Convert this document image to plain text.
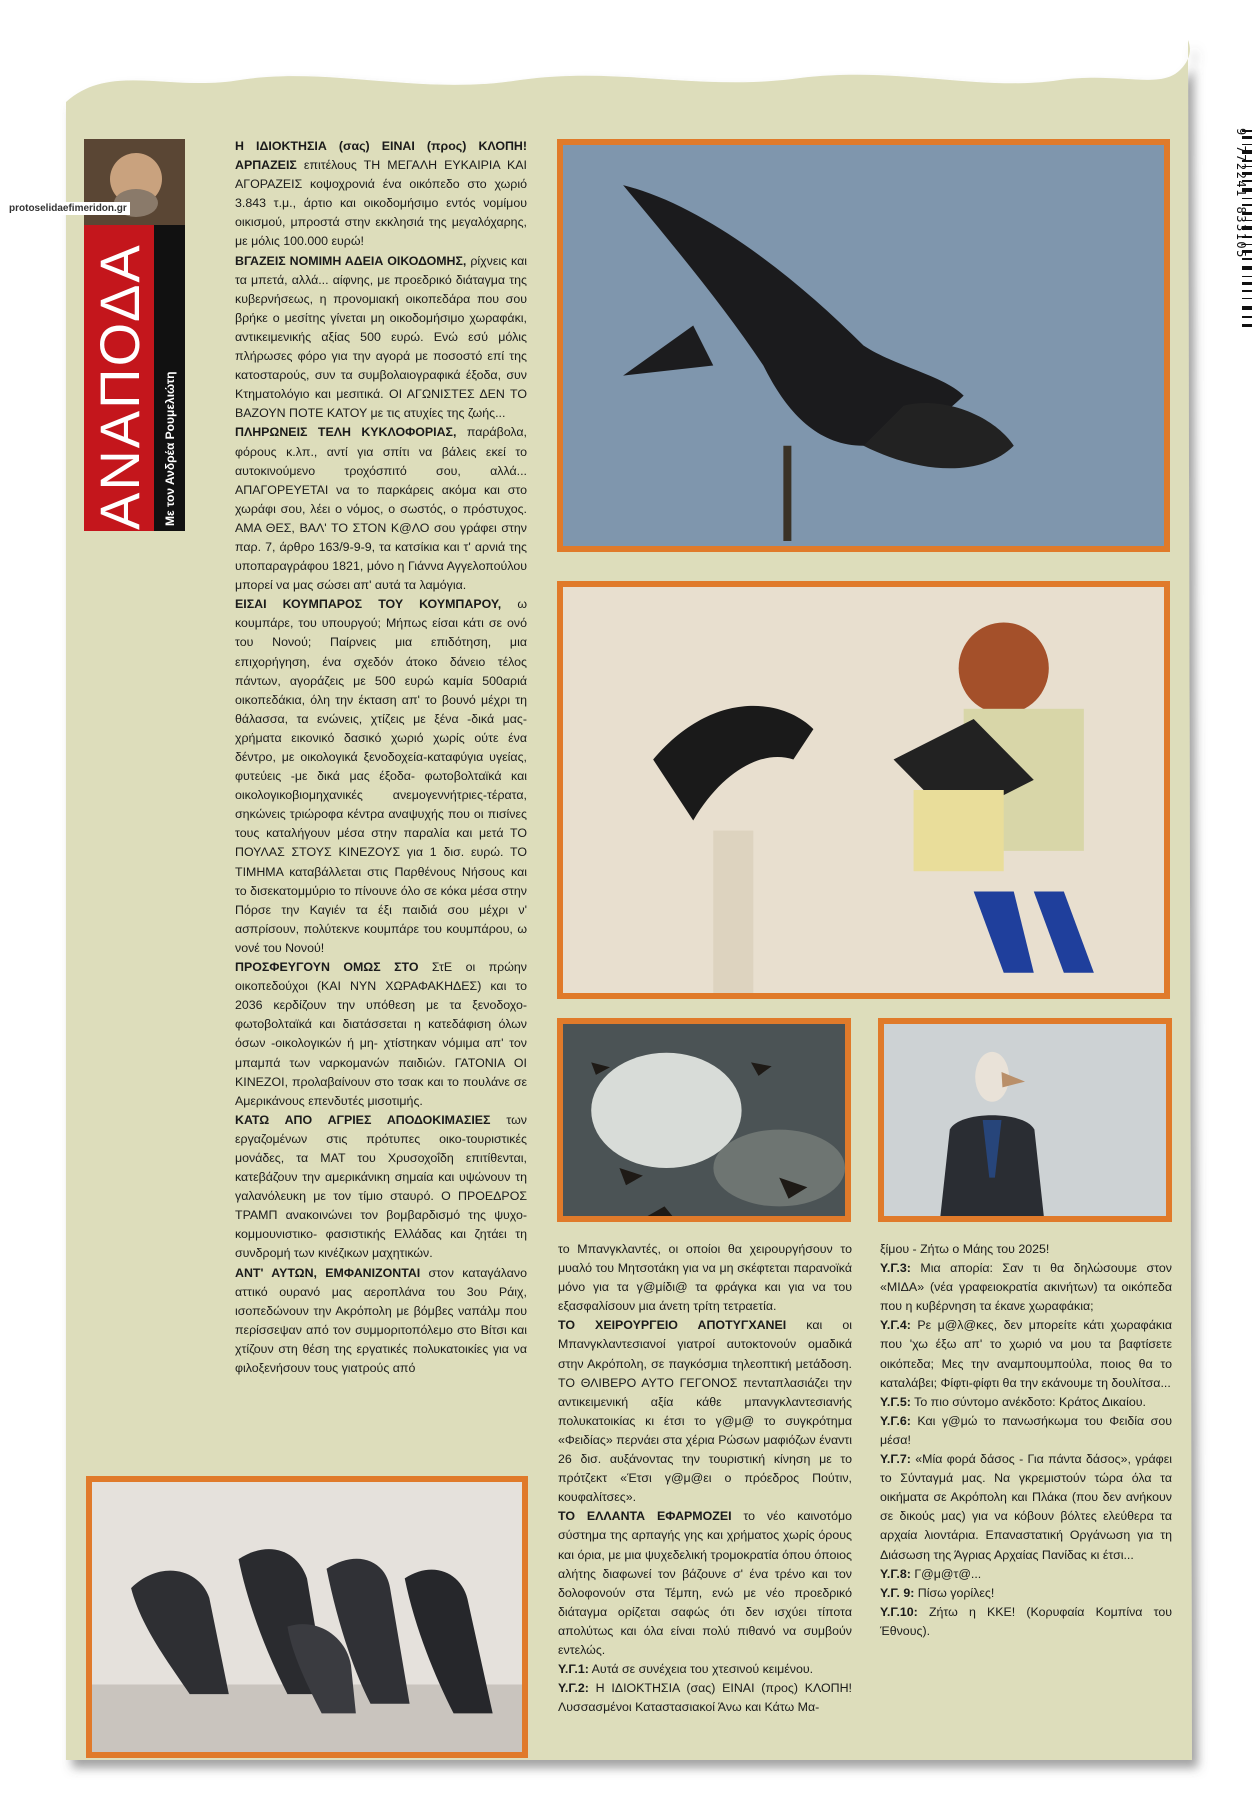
ΑΝΑΠΟΔΑ	Με τον Ανδρέα Ρουμελιώτη
protoselidaefimeridon.gr	9 772241 833105

Η ΙΔΙΟΚΤΗΣΙΑ (σας) ΕΙΝΑΙ (προς) ΚΛΟΠΗ! ΑΡΠΑΖΕΙΣ επιτέλους ΤΗ ΜΕΓΑΛΗ ΕΥΚΑΙΡΙΑ ΚΑΙ ΑΓΟΡΑΖΕΙΣ κοψοχρονιά ένα οικόπεδο στο χωριό 3.843 τ.μ., άρτιο και οικοδομήσιμο εντός νομίμου οικισμού, μπροστά στην εκκλησιά της μεγαλόχαρης, με μόλις 100.000 ευρώ!

ΒΓΑΖΕΙΣ ΝΟΜΙΜΗ ΑΔΕΙΑ ΟΙΚΟΔΟΜΗΣ, ρίχνεις και τα μπετά, αλλά... αίφνης, με προεδρικό διάταγμα της κυβερνήσεως, η προνομιακή οικοπεδάρα που σου βρήκε ο μεσίτης γίνεται μη οικοδομήσιμο χωραφάκι, αντικειμενικής αξίας 500 ευρώ. Ενώ εσύ μόλις πλήρωσες φόρο για την αγορά με ποσοστό επί της κατοσταρούς, συν τα συμβολαιογραφικά έξοδα, συν Κτηματολόγιο και μεσιτικά. ΟΙ ΑΓΩΝΙΣΤΕΣ ΔΕΝ ΤΟ ΒΑΖΟΥΝ ΠΟΤΕ ΚΑΤΟΥ με τις ατυχίες της ζωής...

ΠΛΗΡΩΝΕΙΣ ΤΕΛΗ ΚΥΚΛΟΦΟΡΙΑΣ, παράβολα, φόρους κ.λπ., αντί για σπίτι να βάλεις εκεί το αυτοκινούμενο τροχόσπιτό σου, αλλά... ΑΠΑΓΟΡΕΥΕΤΑΙ να το παρκάρεις ακόμα και στο χωράφι σου, λέει ο νόμος, ο σωστός, ο πρόστυχος. ΑΜΑ ΘΕΣ, ΒΑΛ' ΤΟ ΣΤΟΝ Κ@ΛΟ σου γράφει στην παρ. 7, άρθρο 163/9-9-9, τα κατσίκια και τ' αρνιά της υποπαραγράφου 1821, μόνο η Γιάννα Αγγελοπούλου μπορεί να μας σώσει απ' αυτά τα λαμόγια.

ΕΙΣΑΙ ΚΟΥΜΠΑΡΟΣ ΤΟΥ ΚΟΥΜΠΑΡΟΥ, ω κουμπάρε, του υπουργού; Μήπως είσαι κάτι σε ονό του Νονού; Παίρνεις μια επιδότηση, μια επιχορήγηση, ένα σχεδόν άτοκο δάνειο τέλος πάντων, αγοράζεις με 500 ευρώ καμία 500αριά οικοπεδάκια, όλη την έκταση απ' το βουνό μέχρι τη θάλασσα, τα ενώνεις, χτίζεις με ξένα -δικά μας- χρήματα εικονικό δασικό χωριό χωρίς ούτε ένα δέντρο, με οικολογικά ξενοδοχεία-καταφύγια υγείας, φυτεύεις -με δικά μας έξοδα- φωτοβολταϊκά και οικολογικοβιομηχανικές ανεμογεννήτριες-τέρατα, σηκώνεις τριώροφα κέντρα αναψυχής που οι πισίνες τους καταλήγουν μέσα στην παραλία και μετά ΤΟ ΠΟΥΛΑΣ ΣΤΟΥΣ ΚΙΝΕΖΟΥΣ για 1 δισ. ευρώ. ΤΟ ΤΙΜΗΜΑ καταβάλλεται στις Παρθένους Νήσους και το δισεκατομμύριο το πίνουνε όλο σε κόκα μέσα στην Πόρσε την Καγιέν τα έξι παιδιά σου μέχρι ν' ασπρίσουν, πολύτεκνε κουμπάρε του κουμπάρου, ω νονέ του Νονού!

ΠΡΟΣΦΕΥΓΟΥΝ ΟΜΩΣ ΣΤΟ ΣτΕ οι πρώην οικοπεδούχοι (ΚΑΙ ΝΥΝ ΧΩΡΑΦΑΚΗΔΕΣ) και το 2036 κερδίζουν την υπόθεση με τα ξενοδοχο-φωτοβολταϊκά και διατάσσεται η κατεδάφιση όλων όσων -οικολογικών ή μη- χτίστηκαν νόμιμα απ' τον μπαμπά των ναρκομανών παιδιών. ΓΑΤΟΝΙΑ ΟΙ ΚΙΝΕΖΟΙ, προλαβαίνουν στο τσακ και το πουλάνε σε Αμερικάνους επενδυτές μισοτιμής.

ΚΑΤΩ ΑΠΟ ΑΓΡΙΕΣ ΑΠΟΔΟΚΙΜΑΣΙΕΣ των εργαζομένων στις πρότυπες οικο-τουριστικές μονάδες, τα ΜΑΤ του Χρυσοχοΐδη επιτίθενται, κατεβάζουν την αμερικάνικη σημαία και υψώνουν τη γαλανόλευκη με τον τίμιο σταυρό. Ο ΠΡΟΕΔΡΟΣ ΤΡΑΜΠ ανακοινώνει τον βομβαρδισμό της ψυχο-κομμουνιστικο- φασιστικής Ελλάδας και ζητάει τη συνδρομή των κινέζικων μαχητικών.

ΑΝΤ' ΑΥΤΩΝ, ΕΜΦΑΝΙΖΟΝΤΑΙ στον καταγάλανο αττικό ουρανό μας αεροπλάνα του 3ου Ράιχ, ισοπεδώνουν την Ακρόπολη με βόμβες ναπάλμ που περίσσεψαν από τον συμμοριτοπόλεμο στο Βίτσι και χτίζουν στη θέση της εργατικές πολυκατοικίες για να φιλοξενήσουν τους γιατρούς από

το Μπανγκλαντές, οι οποίοι θα χειρουργήσουν το μυαλό του Μητσοτάκη για να μη σκέφτεται παρανοϊκά μόνο για τα γ@μίδι@ τα φράγκα και για να του εξασφαλίσουν μια άνετη τρίτη τετραετία.

ΤΟ ΧΕΙΡΟΥΡΓΕΙΟ ΑΠΟΤΥΓΧΑΝΕΙ και οι Μπανγκλαντεσιανοί γιατροί αυτοκτονούν ομαδικά στην Ακρόπολη, σε παγκόσμια τηλεοπτική μετάδοση. ΤΟ ΘΛΙΒΕΡΟ ΑΥΤΟ ΓΕΓΟΝΟΣ πενταπλασιάζει την αντικειμενική αξία κάθε μπανγκλαντεσιανής πολυκατοικίας κι έτσι το γ@μ@ το συγκρότημα «Φειδίας» περνάει στα χέρια Ρώσων μαφιόζων έναντι 26 δισ. αυξάνοντας την τουριστική κίνηση με το πρότζεκτ «Έτσι γ@μ@ει ο πρόεδρος Πούτιν, κουφαλίτσες».

ΤΟ ΕΛΛΑΝΤΑ ΕΦΑΡΜΟΖΕΙ το νέο καινοτόμο σύστημα της αρπαγής γης και χρήματος χωρίς όρους και όρια, με μια ψυχεδελική τρομοκρατία όπου όποιος αλήτης διαφωνεί τον βάζουνε σ' ένα τρένο και τον δολοφονούν στα Τέμπη, ενώ με νέο προεδρικό διάταγμα ορίζεται σαφώς ότι δεν ισχύει τίποτα απολύτως και όλα είναι πολύ πιθανό να συμβούν εντελώς.

Υ.Γ.1: Αυτά σε συνέχεια του χτεσινού κειμένου.

Υ.Γ.2: Η ΙΔΙΟΚΤΗΣΙΑ (σας) ΕΙΝΑΙ (προς) ΚΛΟΠΗ! Λυσσασμένοι Καταστασιακοί Άνω και Κάτω Μα-

ξίμου - Ζήτω ο Μάης του 2025!

Υ.Γ.3: Μια απορία: Σαν τι θα δηλώσουμε στον «ΜΙΔΑ» (νέα γραφειοκρατία ακινήτων) τα οικόπεδα που η κυβέρνηση τα έκανε χωραφάκια;

Υ.Γ.4: Ρε μ@λ@κες, δεν μπορείτε κάτι χωραφάκια που 'χω έξω απ' το χωριό να μου τα βαφτίσετε οικόπεδα; Μες την αναμπουμπούλα, ποιος θα το καταλάβει; Φίφτι-φίφτι θα την εκάνουμε τη δουλίτσα...

Υ.Γ.5: Το πιο σύντομο ανέκδοτο: Κράτος Δικαίου.

Υ.Γ.6: Και γ@μώ το πανωσήκωμα του Φειδία σου μέσα!

Υ.Γ.7: «Μία φορά δάσος - Για πάντα δάσος», γράφει το Σύνταγμά μας. Να γκρεμιστούν τώρα όλα τα οικήματα σε Ακρόπολη και Πλάκα (που δεν ανήκουν σε δικούς μας) για να κόβουν βόλτες ελεύθερα τα αρχαία λιοντάρια. Επαναστατική Οργάνωση για τη Διάσωση της Άγριας Αρχαίας Πανίδας κι έτσι...

Υ.Γ.8: Γ@μ@τ@...

Υ.Γ. 9: Πίσω γορίλες!

Υ.Γ.10: Ζήτω η ΚΚΕ! (Κορυφαία Κομπίνα του Έθνους).
